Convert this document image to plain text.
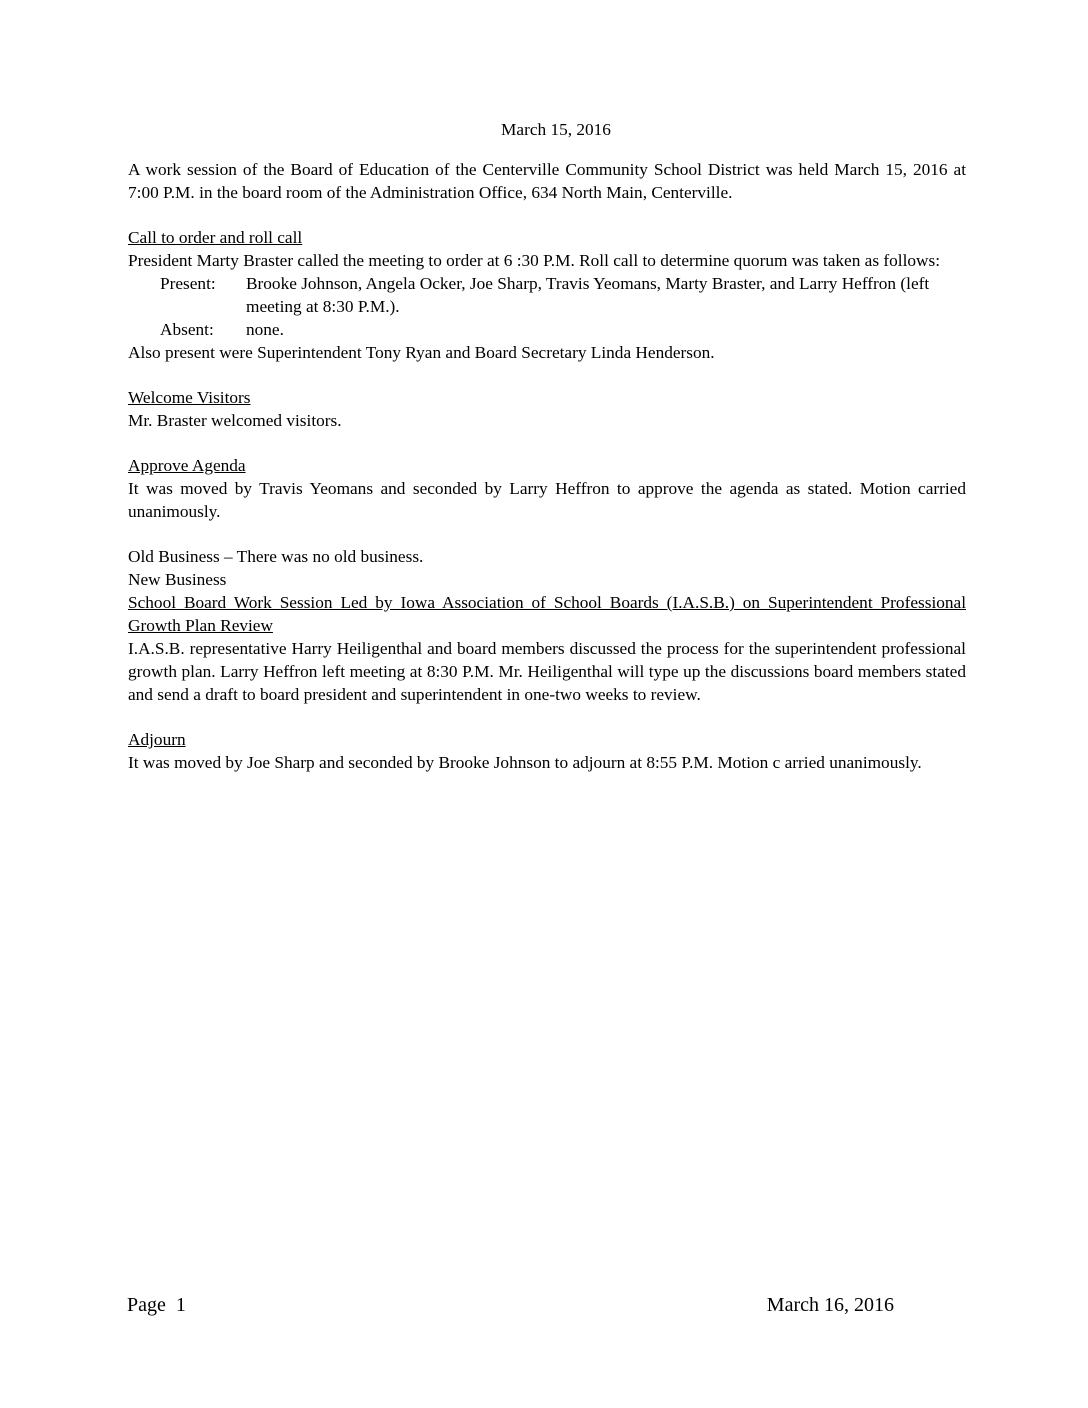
March 15, 2016

A work session of the Board of Education of the Centerville Community School District was held March 15, 2016 at 7:00 P.M. in the board room of the Administration Office, 634 North Main, Centerville.

Call to order and roll call

President Marty Braster called the meeting to order at 6 :30 P.M. Roll call to determine quorum was taken as follows:

Present:	Brooke Johnson, Angela Ocker, Joe Sharp, Travis Yeomans, Marty Braster, and Larry Heffron (left meeting at 8:30 P.M.).
Absent:	none.

Also present were Superintendent Tony Ryan and Board Secretary Linda Henderson.

Welcome Visitors

Mr. Braster welcomed visitors.

Approve Agenda

It was moved by Travis Yeomans and seconded by Larry Heffron to approve the agenda as stated. Motion carried unanimously.

Old Business – There was no old business.

New Business

School Board Work Session Led by Iowa Association of School Boards (I.A.S.B.) on Superintendent Professional Growth Plan Review

I.A.S.B. representative Harry Heiligenthal and board members discussed the process for the superintendent professional growth plan. Larry Heffron left meeting at 8:30 P.M. Mr. Heiligenthal will type up the discussions board members stated and send a draft to board president and superintendent in one-two weeks to review.

Adjourn

It was moved by Joe Sharp and seconded by Brooke Johnson to adjourn at 8:55 P.M. Motion c arried unanimously.

Page  1	March 16, 2016
